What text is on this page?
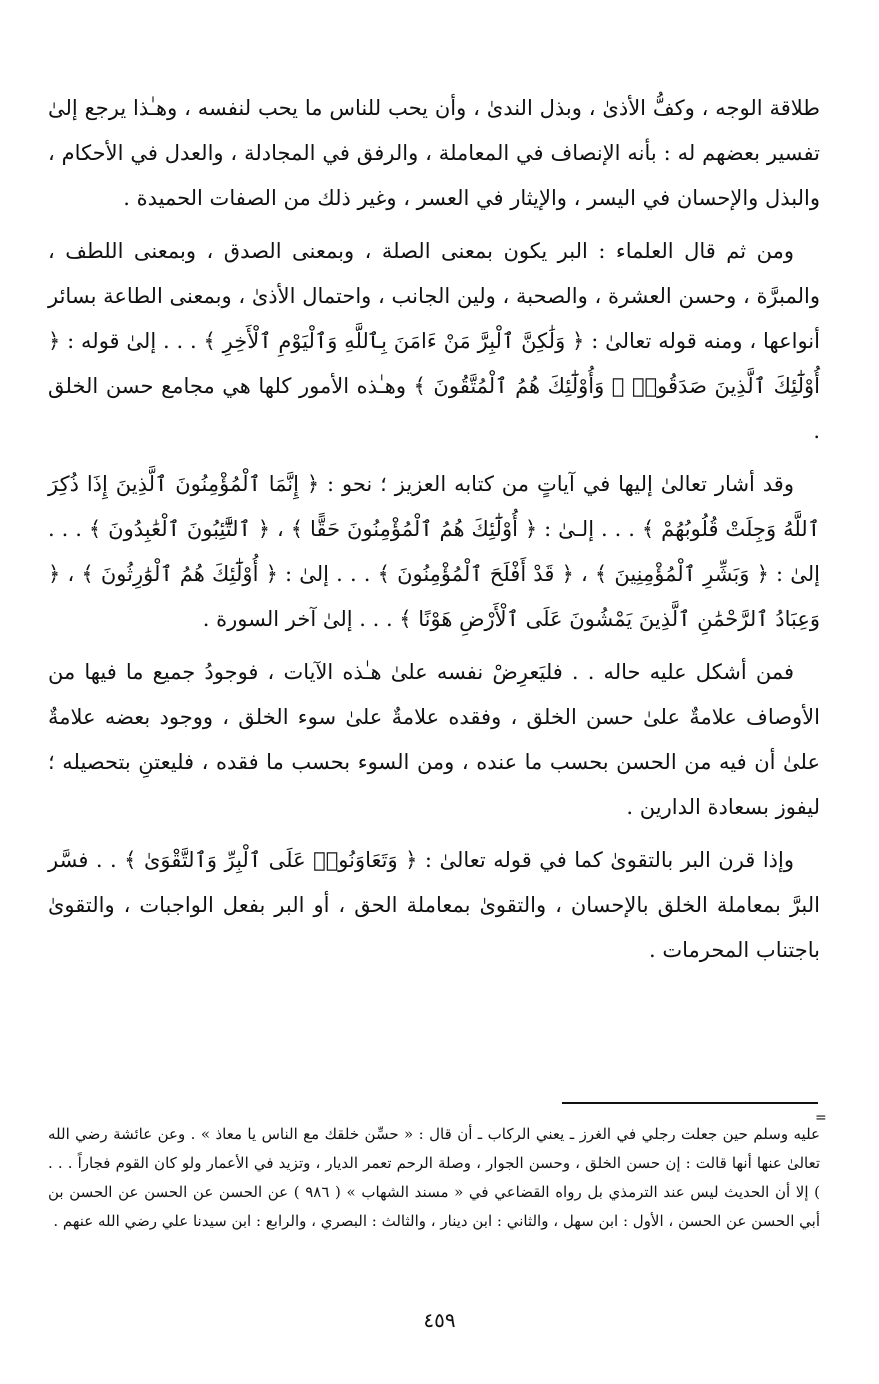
طلاقة الوجه ، وكفُّ الأذىٰ ، وبذل الندىٰ ، وأن يحب للناس ما يحب لنفسه ، وهـٰذا يرجع إلىٰ تفسير بعضهم له : بأنه الإنصاف في المعاملة ، والرفق في المجادلة ، والعدل في الأحكام ، والبذل والإحسان في اليسر ، والإيثار في العسر ، وغير ذلك من الصفات الحميدة .

ومن ثم قال العلماء : البر يكون بمعنى الصلة ، وبمعنى الصدق ، وبمعنى اللطف ، والمبرَّة ، وحسن العشرة ، والصحبة ، ولين الجانب ، واحتمال الأذىٰ ، وبمعنى الطاعة بسائر أنواعها ، ومنه قوله تعالىٰ : ﴿ وَلَٰكِنَّ ٱلْبِرَّ مَنْ ءَامَنَ بِٱللَّهِ وَٱلْيَوْمِ ٱلْأَخِرِ ﴾ . . . إلىٰ قوله : ﴿ أُوْلَٰٓئِكَ ٱلَّذِينَ صَدَقُوا۟ ۖ وَأُوْلَٰٓئِكَ هُمُ ٱلْمُتَّقُونَ ﴾ وهـٰذه الأمور كلها هي مجامع حسن الخلق .

وقد أشار تعالىٰ إليها في آياتٍ من كتابه العزيز ؛ نحو : ﴿ إِنَّمَا ٱلْمُؤْمِنُونَ ٱلَّذِينَ إِذَا ذُكِرَ ٱللَّهُ وَجِلَتْ قُلُوبُهُمْ ﴾ . . . إلـىٰ : ﴿ أُوْلَٰٓئِكَ هُمُ ٱلْمُؤْمِنُونَ حَقًّا ﴾ ، ﴿ ٱلتَّٰٓئِبُونَ ٱلْعَٰبِدُونَ ﴾ . . . إلىٰ : ﴿ وَبَشِّرِ ٱلْمُؤْمِنِينَ ﴾ ، ﴿ قَدْ أَفْلَحَ ٱلْمُؤْمِنُونَ ﴾ . . . إلىٰ : ﴿ أُوْلَٰٓئِكَ هُمُ ٱلْوَٰرِثُونَ ﴾ ، ﴿ وَعِبَادُ ٱلرَّحْمَٰنِ ٱلَّذِينَ يَمْشُونَ عَلَى ٱلْأَرْضِ هَوْنًا ﴾ . . . إلىٰ آخر السورة .

فمن أشكل عليه حاله . . فليَعرِضْ نفسه علىٰ هـٰذه الآيات ، فوجودُ جميع ما فيها من الأوصاف علامةٌ علىٰ حسن الخلق ، وفقده علامةٌ علىٰ سوء الخلق ، ووجود بعضه علامةٌ علىٰ أن فيه من الحسن بحسب ما عنده ، ومن السوء بحسب ما فقده ، فليعتنِ بتحصيله ؛ ليفوز بسعادة الدارين .

وإذا قرن البر بالتقوىٰ كما في قوله تعالىٰ : ﴿ وَتَعَاوَنُوا۟ عَلَى ٱلْبِرِّ وَٱلتَّقْوَىٰ ﴾ . . فسَّر البرَّ بمعاملة الخلق بالإحسان ، والتقوىٰ بمعاملة الحق ، أو البر بفعل الواجبات ، والتقوىٰ باجتناب المحرمات .

=
عليه وسلم حين جعلت رجلي في الغرز ـ يعني الركاب ـ أن قال : « حسِّن خلقك مع الناس يا معاذ » . وعن عائشة رضي الله تعالىٰ عنها أنها قالت : إن حسن الخلق ، وحسن الجوار ، وصلة الرحم تعمر الديار ، وتزيد في الأعمار ولو كان القوم فجاراً . . . ) إلا أن الحديث ليس عند الترمذي بل رواه القضاعي في « مسند الشهاب » ( ٩٨٦ ) عن الحسن عن الحسن عن الحسن بن أبي الحسن عن الحسن ، الأول : ابن سهل ، والثاني : ابن دينار ، والثالث : البصري ، والرابع : ابن سيدنا علي رضي الله عنهم .
٤٥٩
